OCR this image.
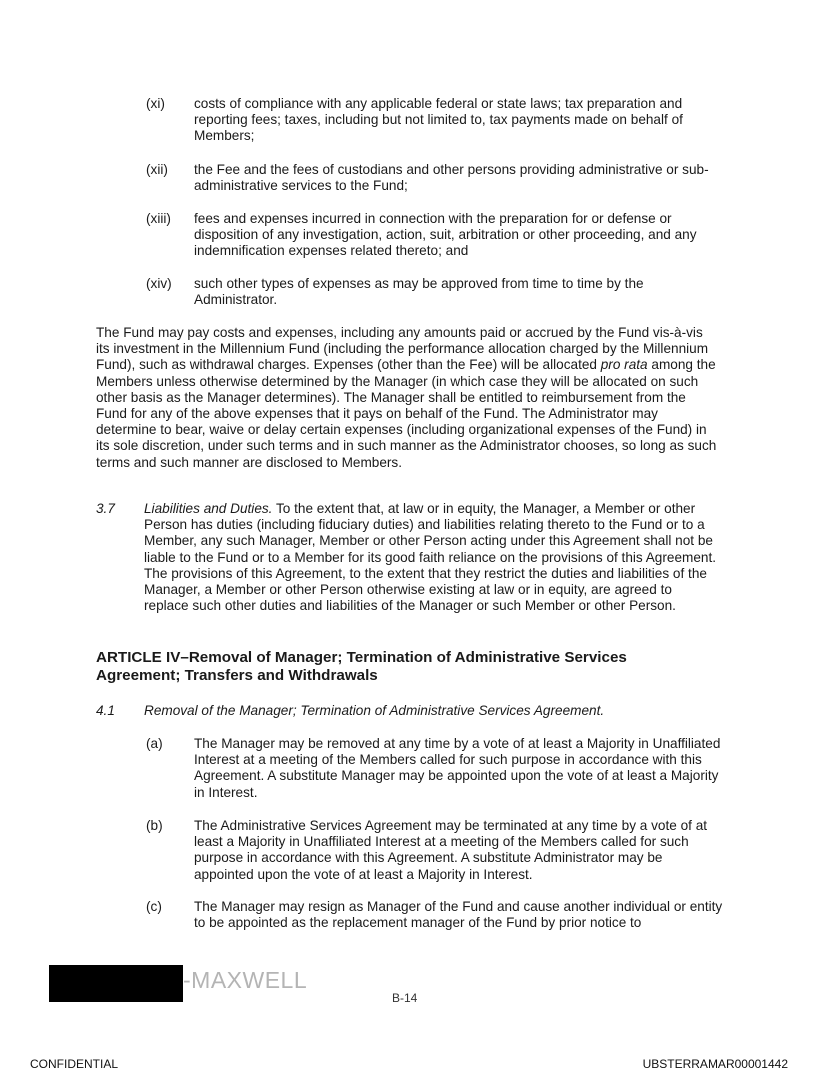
(xi) costs of compliance with any applicable federal or state laws; tax preparation and reporting fees; taxes, including but not limited to, tax payments made on behalf of Members;
(xii) the Fee and the fees of custodians and other persons providing administrative or sub-administrative services to the Fund;
(xiii) fees and expenses incurred in connection with the preparation for or defense or disposition of any investigation, action, suit, arbitration or other proceeding, and any indemnification expenses related thereto; and
(xiv) such other types of expenses as may be approved from time to time by the Administrator.
The Fund may pay costs and expenses, including any amounts paid or accrued by the Fund vis-à-vis its investment in the Millennium Fund (including the performance allocation charged by the Millennium Fund), such as withdrawal charges. Expenses (other than the Fee) will be allocated pro rata among the Members unless otherwise determined by the Manager (in which case they will be allocated on such other basis as the Manager determines). The Manager shall be entitled to reimbursement from the Fund for any of the above expenses that it pays on behalf of the Fund. The Administrator may determine to bear, waive or delay certain expenses (including organizational expenses of the Fund) in its sole discretion, under such terms and in such manner as the Administrator chooses, so long as such terms and such manner are disclosed to Members.
3.7 Liabilities and Duties. To the extent that, at law or in equity, the Manager, a Member or other Person has duties (including fiduciary duties) and liabilities relating thereto to the Fund or to a Member, any such Manager, Member or other Person acting under this Agreement shall not be liable to the Fund or to a Member for its good faith reliance on the provisions of this Agreement. The provisions of this Agreement, to the extent that they restrict the duties and liabilities of the Manager, a Member or other Person otherwise existing at law or in equity, are agreed to replace such other duties and liabilities of the Manager or such Member or other Person.
ARTICLE IV–Removal of Manager; Termination of Administrative Services Agreement; Transfers and Withdrawals
4.1 Removal of the Manager; Termination of Administrative Services Agreement.
(a) The Manager may be removed at any time by a vote of at least a Majority in Unaffiliated Interest at a meeting of the Members called for such purpose in accordance with this Agreement. A substitute Manager may be appointed upon the vote of at least a Majority in Interest.
(b) The Administrative Services Agreement may be terminated at any time by a vote of at least a Majority in Unaffiliated Interest at a meeting of the Members called for such purpose in accordance with this Agreement. A substitute Administrator may be appointed upon the vote of at least a Majority in Interest.
(c) The Manager may resign as Manager of the Fund and cause another individual or entity to be appointed as the replacement manager of the Fund by prior notice to
-MAXWELL
B-14
CONFIDENTIAL	UBSTERRAMAR00001442
